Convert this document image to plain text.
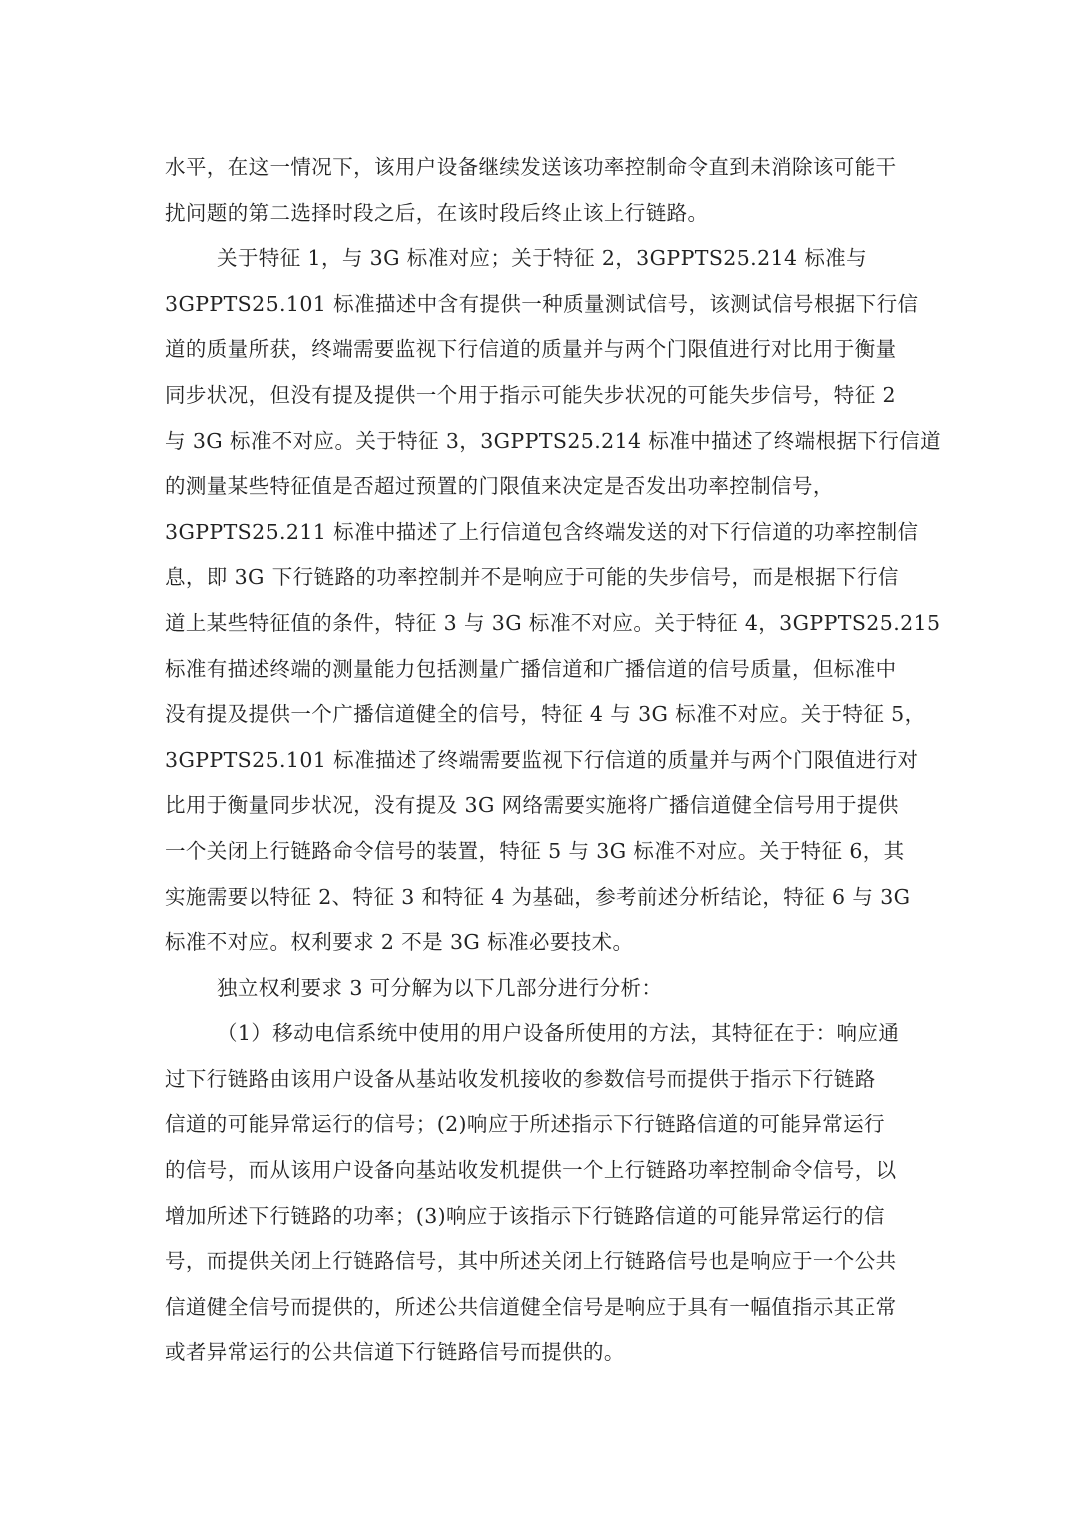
水平，在这一情况下，该用户设备继续发送该功率控制命令直到未消除该可能干
扰问题的第二选择时段之后，在该时段后终止该上行链路。
关于特征 1，与 3G 标准对应；关于特征 2，3GPPTS25.214 标准与
3GPPTS25.101 标准描述中含有提供一种质量测试信号，该测试信号根据下行信
道的质量所获，终端需要监视下行信道的质量并与两个门限值进行对比用于衡量
同步状况，但没有提及提供一个用于指示可能失步状况的可能失步信号，特征 2
与 3G 标准不对应。关于特征 3，3GPPTS25.214 标准中描述了终端根据下行信道
的测量某些特征值是否超过预置的门限值来决定是否发出功率控制信号，
3GPPTS25.211 标准中描述了上行信道包含终端发送的对下行信道的功率控制信
息，即 3G 下行链路的功率控制并不是响应于可能的失步信号，而是根据下行信
道上某些特征值的条件，特征 3 与 3G 标准不对应。关于特征 4，3GPPTS25.215
标准有描述终端的测量能力包括测量广播信道和广播信道的信号质量，但标准中
没有提及提供一个广播信道健全的信号，特征 4 与 3G 标准不对应。关于特征 5，
3GPPTS25.101 标准描述了终端需要监视下行信道的质量并与两个门限值进行对
比用于衡量同步状况，没有提及 3G 网络需要实施将广播信道健全信号用于提供
一个关闭上行链路命令信号的装置，特征 5 与 3G 标准不对应。关于特征 6，其
实施需要以特征 2、特征 3 和特征 4 为基础，参考前述分析结论，特征 6 与 3G
标准不对应。权利要求 2 不是 3G 标准必要技术。
独立权利要求 3 可分解为以下几部分进行分析：
（1）移动电信系统中使用的用户设备所使用的方法，其特征在于：响应通
过下行链路由该用户设备从基站收发机接收的参数信号而提供于指示下行链路
信道的可能异常运行的信号；(2)响应于所述指示下行链路信道的可能异常运行
的信号，而从该用户设备向基站收发机提供一个上行链路功率控制命令信号，以
增加所述下行链路的功率；(3)响应于该指示下行链路信道的可能异常运行的信
号，而提供关闭上行链路信号，其中所述关闭上行链路信号也是响应于一个公共
信道健全信号而提供的，所述公共信道健全信号是响应于具有一幅值指示其正常
或者异常运行的公共信道下行链路信号而提供的。
